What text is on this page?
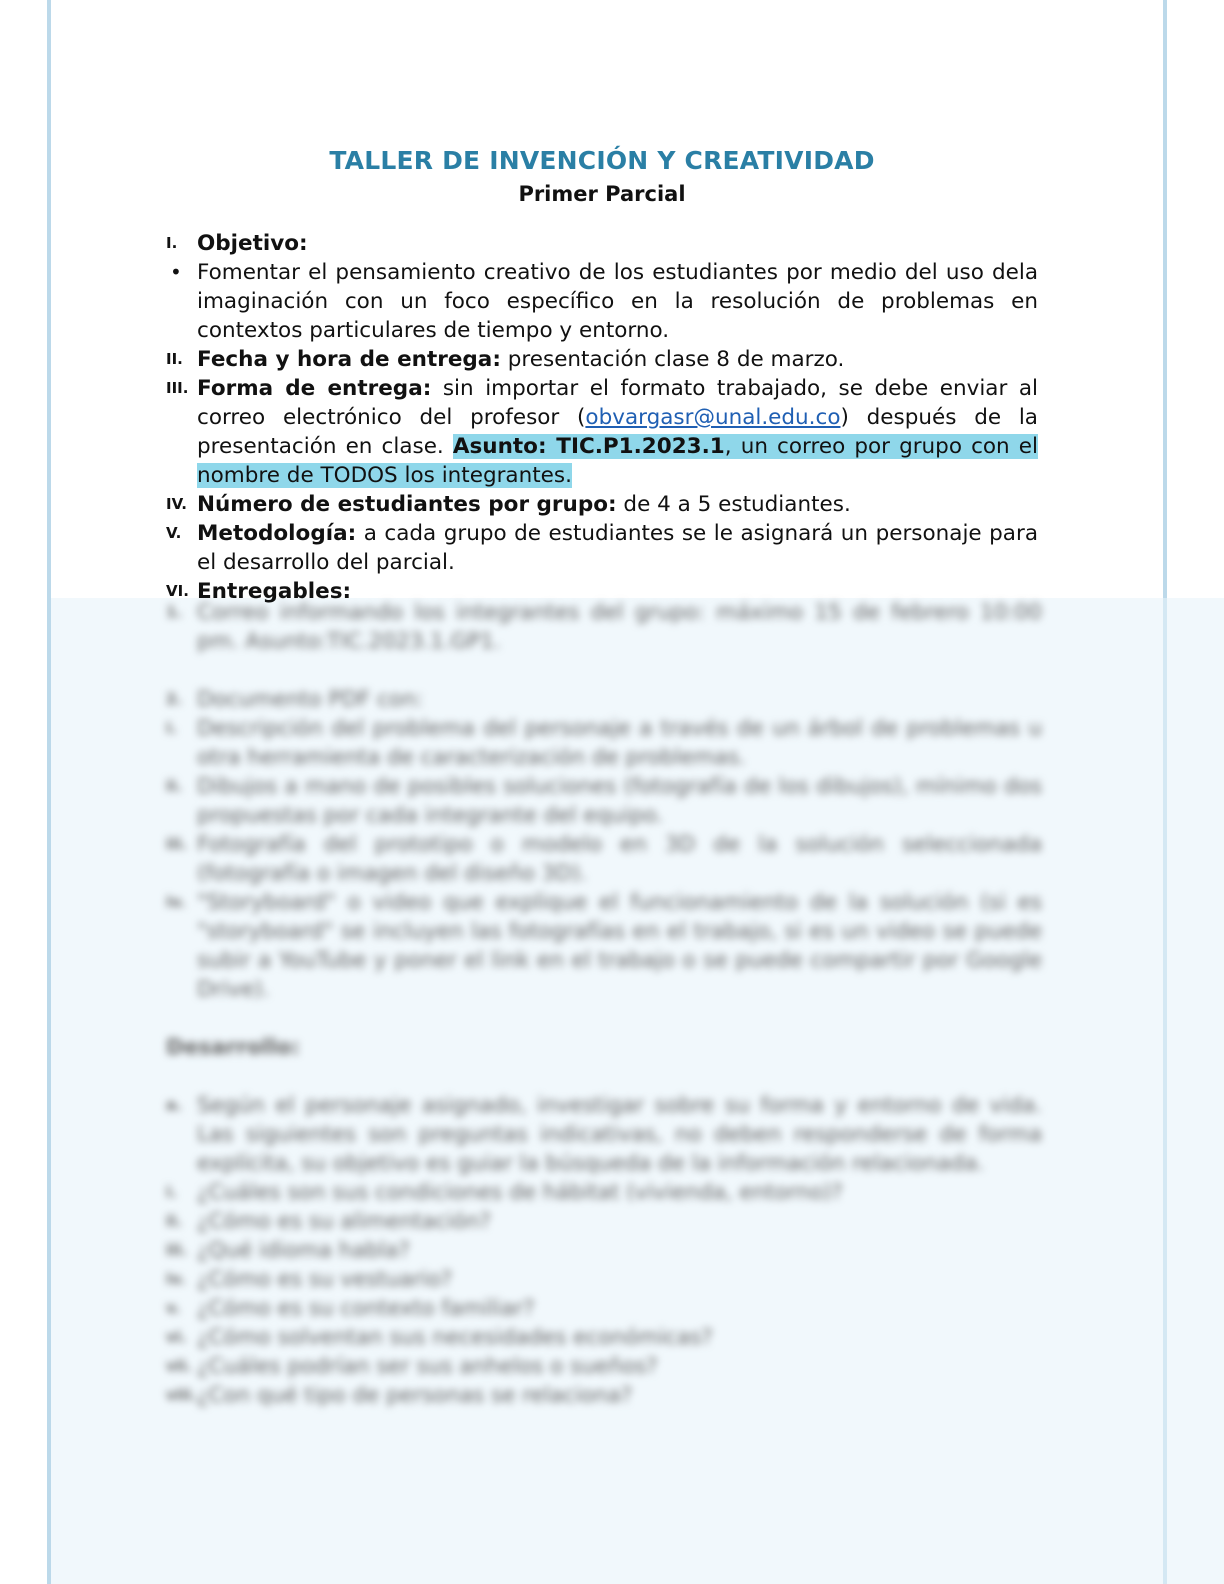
TALLER DE INVENCIÓN Y CREATIVIDAD
Primer Parcial
I. Objetivo:
• Fomentar el pensamiento creativo de los estudiantes por medio del uso dela imaginación con un foco específico en la resolución de problemas en contextos particulares de tiempo y entorno.
II. Fecha y hora de entrega: presentación clase 8 de marzo.
III. Forma de entrega: sin importar el formato trabajado, se debe enviar al correo electrónico del profesor (obvargasr@unal.edu.co) después de la presentación en clase. Asunto: TIC.P1.2023.1, un correo por grupo con el nombre de TODOS los integrantes.
IV. Número de estudiantes por grupo: de 4 a 5 estudiantes.
V. Metodología: a cada grupo de estudiantes se le asignará un personaje para el desarrollo del parcial.
VI. Entregables:
1. Correo informando los integrantes del grupo: máximo 15 de febrero 10:00 pm. Asunto:TIC.2023.1.GP1.
2. Documento PDF con:
i. Descripción del problema del personaje a través de un árbol de problemas u otra herramienta de caracterización de problemas.
ii. Dibujos a mano de posibles soluciones (fotografía de los dibujos), mínimo dos propuestas por cada integrante del equipo.
iii. Fotografía del prototipo o modelo en 3D de la solución seleccionada (fotografía o imagen del diseño 3D).
iv. "Storyboard" o video que explique el funcionamiento de la solución (si es "storyboard" se incluyen las fotografías en el trabajo, si es un video se puede subir a YouTube y poner el link en el trabajo o se puede compartir por Google Drive).
Desarrollo:
a. Según el personaje asignado, investigar sobre su forma y entorno de vida. Las siguientes son preguntas indicativas, no deben responderse de forma explícita, su objetivo es guiar la búsqueda de la información relacionada.
i. ¿Cuáles son sus condiciones de hábitat (vivienda, entorno)?
ii. ¿Cómo es su alimentación?
iii. ¿Qué idioma habla?
iv. ¿Cómo es su vestuario?
v. ¿Cómo es su contexto familiar?
vi. ¿Cómo solventan sus necesidades económicas?
vii. ¿Cuáles podrían ser sus anhelos o sueños?
viii. ¿Con qué tipo de personas se relaciona?
